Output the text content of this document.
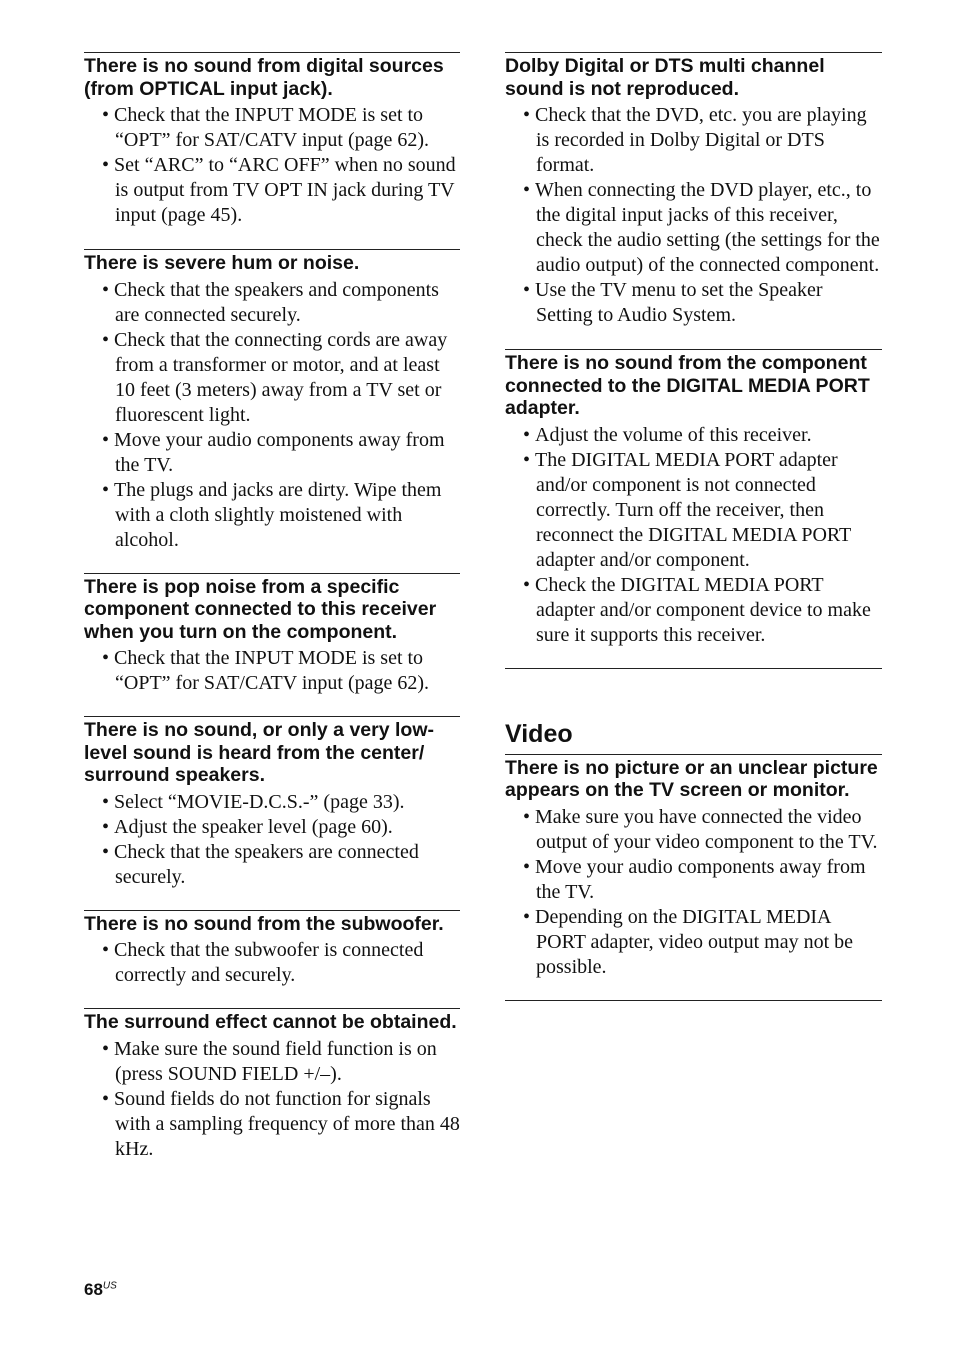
There is no sound from digital sources (from OPTICAL input jack).
• Check that the INPUT MODE is set to “OPT” for SAT/CATV input (page 62).
• Set “ARC” to “ARC OFF” when no sound is output from TV OPT IN jack during TV input (page 45).
There is severe hum or noise.
• Check that the speakers and components are connected securely.
• Check that the connecting cords are away from a transformer or motor, and at least 10 feet (3 meters) away from a TV set or fluorescent light.
• Move your audio components away from the TV.
• The plugs and jacks are dirty. Wipe them with a cloth slightly moistened with alcohol.
There is pop noise from a specific component connected to this receiver when you turn on the component.
• Check that the INPUT MODE is set to “OPT” for SAT/CATV input (page 62).
There is no sound, or only a very low-level sound is heard from the center/ surround speakers.
• Select “MOVIE-D.C.S.-” (page 33).
• Adjust the speaker level (page 60).
• Check that the speakers are connected securely.
There is no sound from the subwoofer.
• Check that the subwoofer is connected correctly and securely.
The surround effect cannot be obtained.
• Make sure the sound field function is on (press SOUND FIELD +/–).
• Sound fields do not function for signals with a sampling frequency of more than 48 kHz.
Dolby Digital or DTS multi channel sound is not reproduced.
• Check that the DVD, etc. you are playing is recorded in Dolby Digital or DTS format.
• When connecting the DVD player, etc., to the digital input jacks of this receiver, check the audio setting (the settings for the audio output) of the connected component.
• Use the TV menu to set the Speaker Setting to Audio System.
There is no sound from the component connected to the DIGITAL MEDIA PORT adapter.
• Adjust the volume of this receiver.
• The DIGITAL MEDIA PORT adapter and/or component is not connected correctly. Turn off the receiver, then reconnect the DIGITAL MEDIA PORT adapter and/or component.
• Check the DIGITAL MEDIA PORT adapter and/or component device to make sure it supports this receiver.
Video
There is no picture or an unclear picture appears on the TV screen or monitor.
• Make sure you have connected the video output of your video component to the TV.
• Move your audio components away from the TV.
• Depending on the DIGITAL MEDIA PORT adapter, video output may not be possible.
$68^{US}$
